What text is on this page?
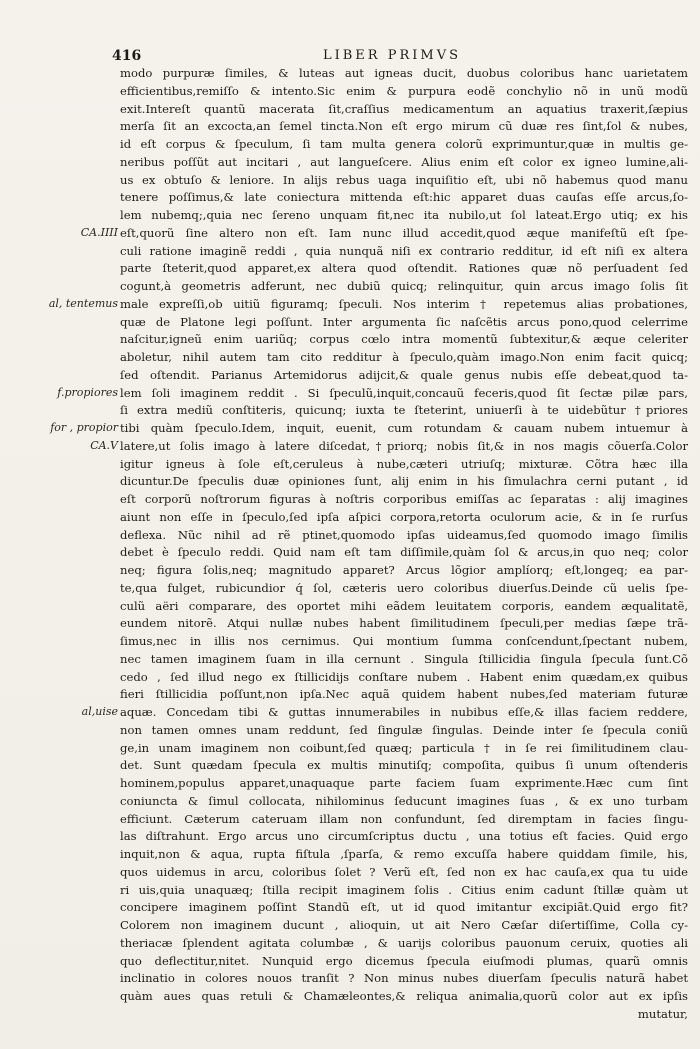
416	LIBER PRIMVS
CA.IIII
al, tentemus
f.propiores
for , propior
CA.V
al,uise
modo purpuræ ſimiles, & luteas aut igneas ducit, duobus coloribus hanc uarietatem
efficientibus,remiſſo & intento.Sic enim & purpura eodẽ conchylio nõ in unũ modũ
exit.Intereſt quantũ macerata ſit,craſſius medicamentum an aquatius traxerit,ſæpius
merſa ſit an excocta,an ſemel tincta.Non eſt ergo mirum cũ duæ res ſint,ſol & nubes,
id eſt corpus & ſpeculum, ſi tam multa genera colorũ exprimuntur,quæ in multis ge-
neribus poſſũt aut incitari , aut langueſcere. Alius enim eſt color ex igneo lumine,ali-
us ex obtuſo & leniore. In alijs rebus uaga inquiſitio eſt, ubi nõ habemus quod manu
tenere poſſimus,& late coniectura mittenda eſt:hic apparet duas cauſas eſſe arcus,ſo-
lem nubemq;,quia nec ſereno unquam fit,nec ita nubilo,ut ſol lateat.Ergo utiq; ex his
eſt,quorũ ſine altero non eſt. Iam nunc illud accedit,quod æque manifeſtũ eſt ſpe-
culi ratione imaginẽ reddi , quia nunquã niſi ex contrario redditur, id eſt niſi ex altera
parte ſteterit,quod apparet,ex altera quod oſtendit. Rationes quæ nõ perſuadent ſed
cogunt,à geometris adferunt, nec dubiũ quicq; relinquitur, quin arcus imago ſolis ſit
male expreſſi,ob uitiũ figuramq; ſpeculi. Nos interim † repetemus alias probationes,
quæ de Platone legi poſſunt. Inter argumenta ſic naſcẽtis arcus pono,quod celerrime
naſcitur,igneũ enim uariũq; corpus cœlo intra momentũ ſubtexitur,& æque celeriter
aboletur, nihil autem tam cito redditur à ſpeculo,quàm imago.Non enim facit quicq;
ſed oſtendit. Parianus Artemidorus adijcit,& quale genus nubis eſſe debeat,quod ta-
lem ſoli imaginem reddit . Si ſpeculũ,inquit,concauũ feceris,quod ſit ſectæ pilæ pars,
ſi extra mediũ conſtiteris, quicunq; iuxta te ſteterint, uniuerſi à te uidebũtur †priores
tibi quàm ſpeculo.Idem, inquit, euenit, cum rotundam & cauam nubem intuemur à
latere,ut ſolis imago à latere diſcedat,†priorq; nobis ſit,& in nos magis cõuerſa.Color
igitur igneus à ſole eſt,ceruleus à nube,cæteri utriuſq; mixturæ. Cõtra hæc illa
dicuntur.De ſpeculis duæ opiniones ſunt, alij enim in his ſimulachra cerni putant , id
eſt corporũ noſtrorum figuras à noſtris corporibus emiſſas ac ſeparatas : alij imagines
aiunt non eſſe in ſpeculo,ſed ipſa aſpici corpora,retorta oculorum acie, & in ſe rurſus
deflexa. Nũc nihil ad rẽ ptinet,quomodo ipſas uideamus,ſed quomodo imago ſimilis
debet è ſpeculo reddi. Quid nam eſt tam diſſimile,quàm ſol & arcus,in quo neq; color
neq; figura ſolis,neq; magnitudo apparet? Arcus lõgior amplíorq; eſt,longeq; ea par-
te,qua fulget, rubicundior q́ ſol, cæteris uero coloribus diuerſus.Deinde cũ uelis ſpe-
culũ aëri comparare, des oportet mihi eãdem leuitatem corporis, eandem æqualitatẽ,
eundem nitorẽ. Atqui nullæ nubes habent ſimilitudinem ſpeculi,per medias ſæpe trã-
ſimus,nec in illis nos cernimus. Qui montium ſumma conſcendunt,ſpectant nubem,
nec tamen imaginem ſuam in illa cernunt . Singula ſtillicidia ſingula ſpecula ſunt.Cõ
cedo , ſed illud nego ex ſtillicidijs conſtare nubem . Habent enim quædam,ex quibus
fieri ſtillicidia poſſunt,non ipſa.Nec aquã quidem habent nubes,ſed materiam futuræ
aquæ. Concedam tibi & guttas innumerabiles in nubibus eſſe,& illas faciem reddere,
non tamen omnes unam reddunt, ſed ſingulæ ſingulas. Deinde inter ſe ſpecula coniũ
ge,in unam imaginem non coibunt,ſed quæq; particula † in ſe rei ſimilitudinem clau-
det. Sunt quædam ſpecula ex multis minutiſq; compoſita, quibus ſi unum oſtenderis
hominem,populus apparet,unaquaque parte faciem ſuam exprimente.Hæc cum ſint
coniuncta & ſimul collocata, nihilominus ſeducunt imagines ſuas , & ex uno turbam
efficiunt. Cæterum cateruam illam non confundunt, ſed diremptam in facies ſingu-
las diſtrahunt. Ergo arcus uno circumſcriptus ductu , una totius eſt facies. Quid ergo
inquit,non & aqua, rupta fiſtula ,ſparſa, & remo excuſſa habere quiddam ſimile, his,
quos uidemus in arcu, coloribus ſolet ? Verũ eſt, ſed non ex hac cauſa,ex qua tu uide
ri uis,quia unaquæq; ſtilla recipit imaginem ſolis . Citius enim cadunt ſtillæ quàm ut
concipere imaginem poſſint Standũ eſt, ut id quod imitantur excipiãt.Quid ergo fit?
Colorem non imaginem ducunt , alioquin, ut ait Nero Cæſar diſertiſſime, Colla cy-
theriacæ ſplendent agitata columbæ , & uarijs coloribus pauonum ceruix, quoties ali
quo deflectitur,nitet. Nunquid ergo dicemus ſpecula eiuſmodi plumas, quarũ omnis
inclinatio in colores nouos tranſit ? Non minus nubes diuerſam ſpeculis naturã habet
quàm aues quas retuli & Chamæleontes,& reliqua animalia,quorũ color aut ex ipſis
mutatur,
